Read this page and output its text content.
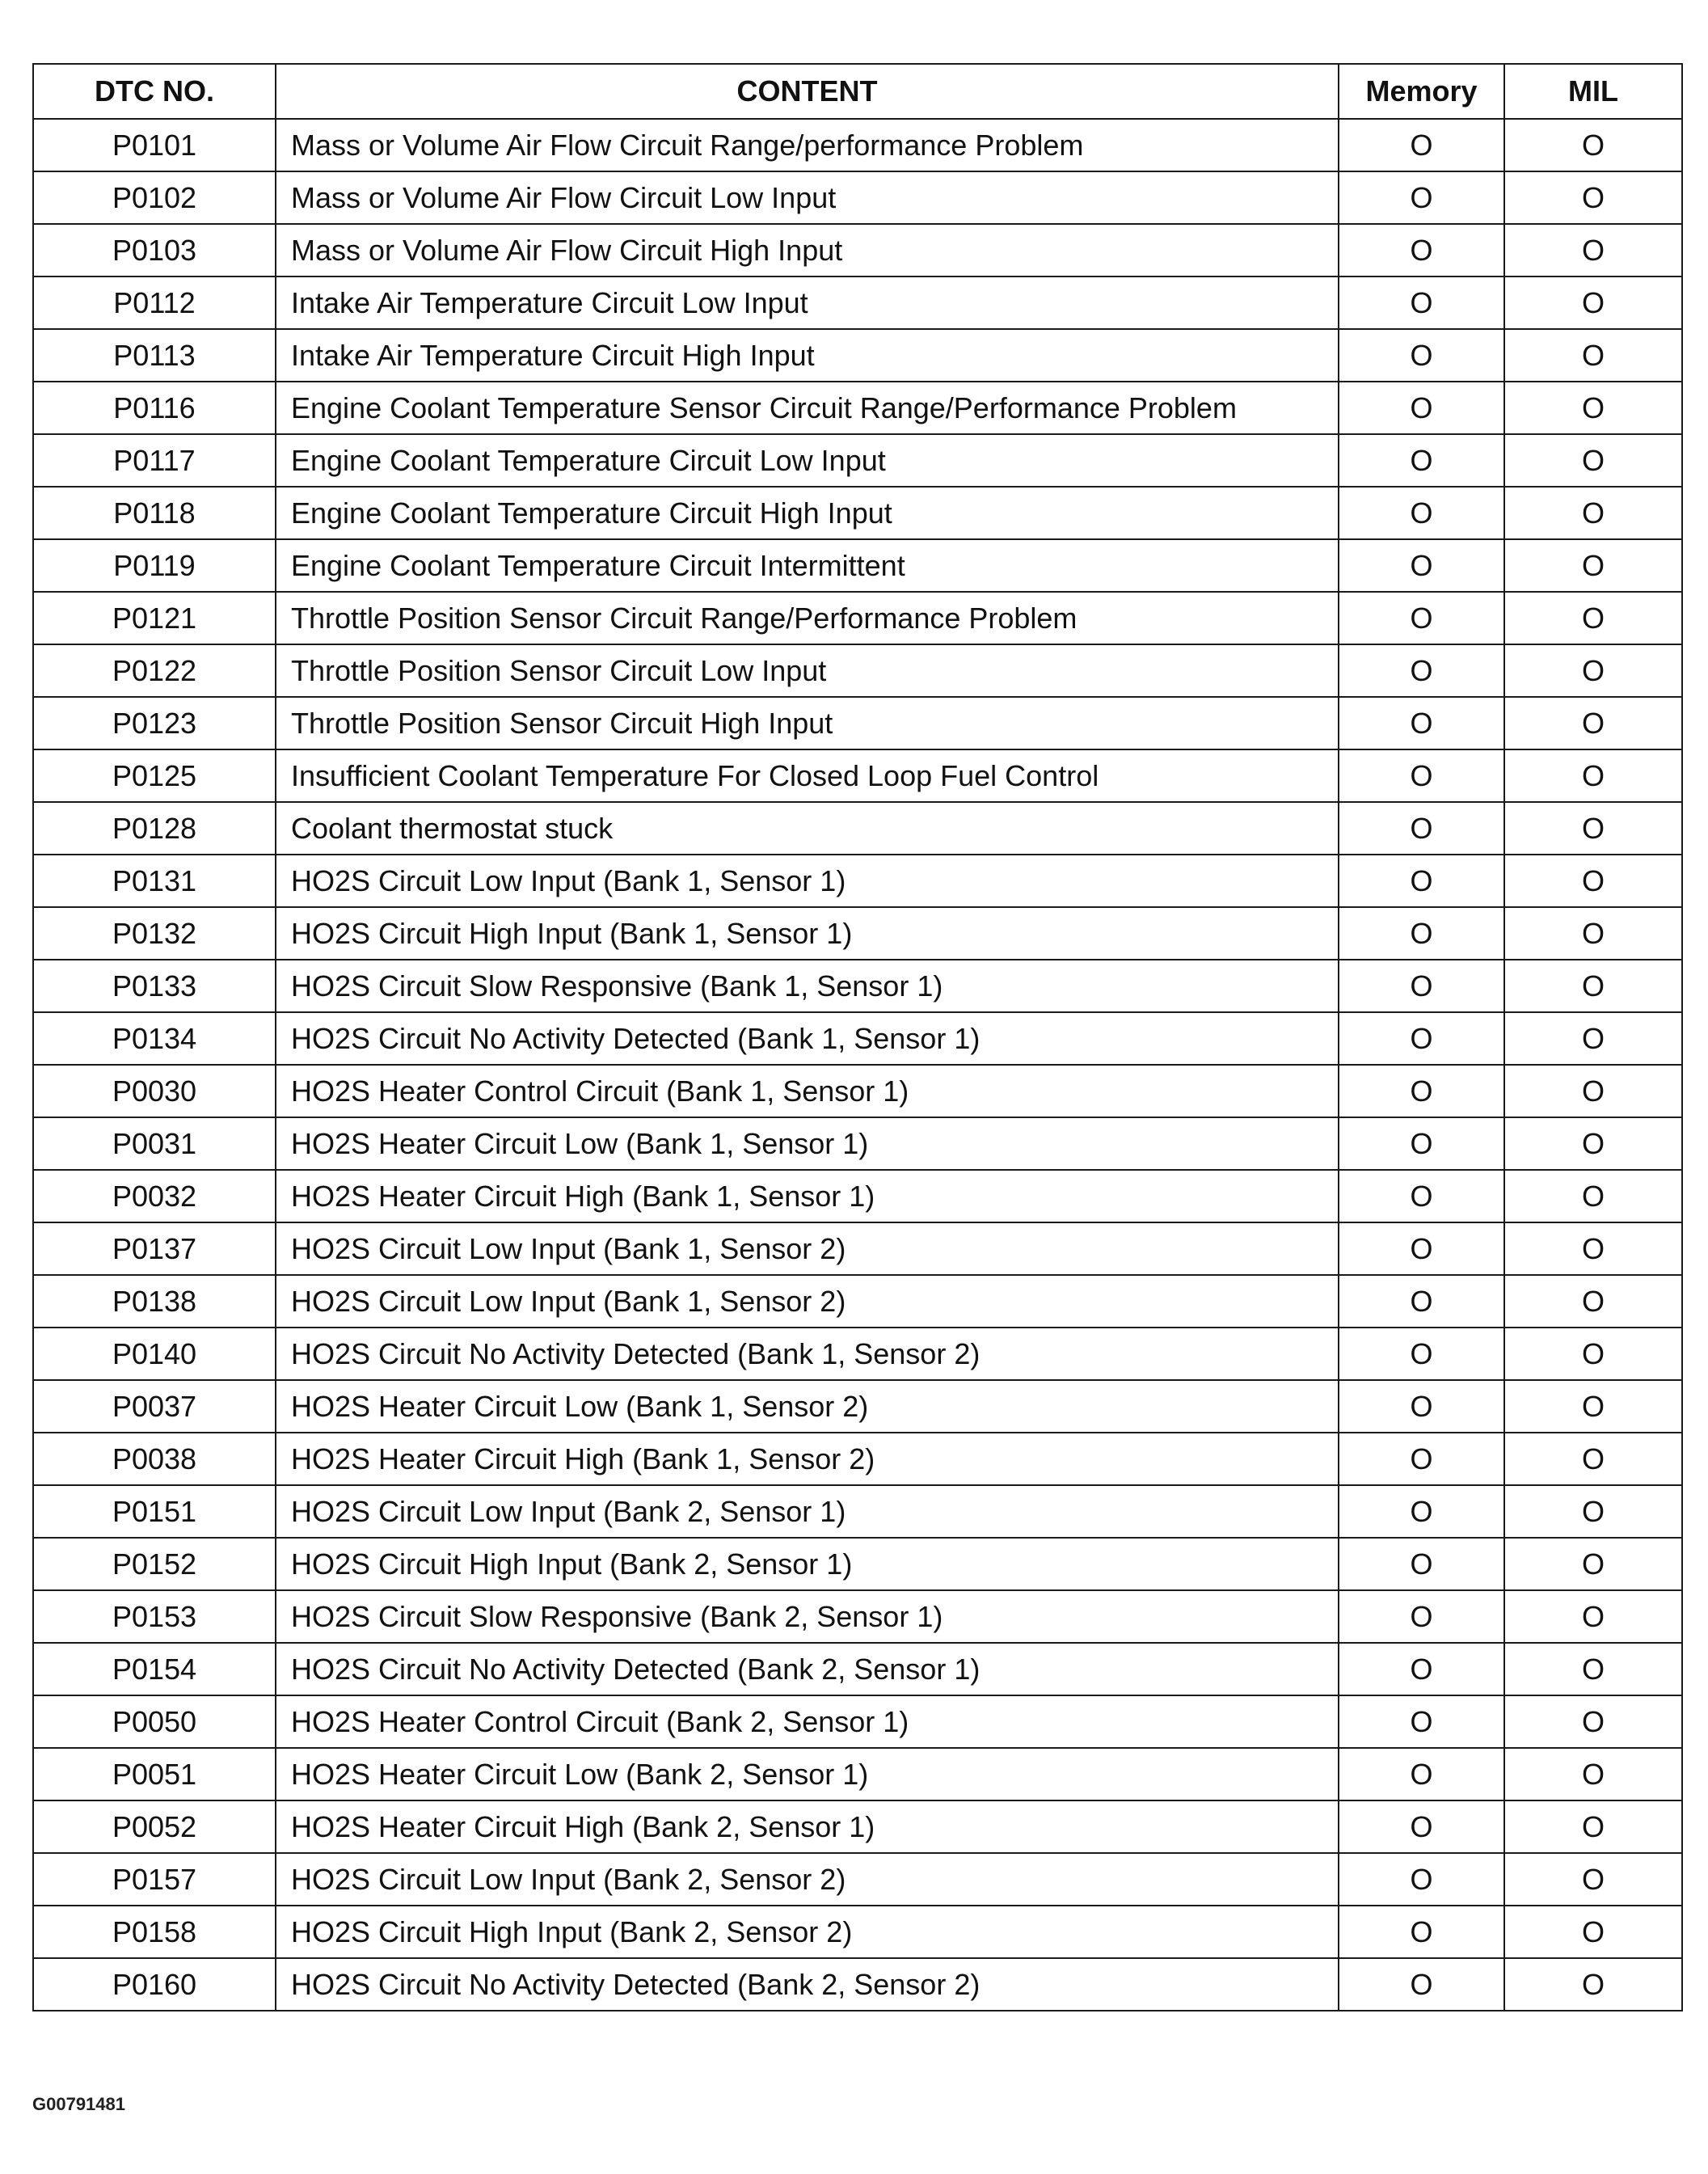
DTC NO.	CONTENT	Memory	MIL
P0101	Mass or Volume Air Flow Circuit Range/performance Problem	O	O
P0102	Mass or Volume Air Flow Circuit Low Input	O	O
P0103	Mass or Volume Air Flow Circuit High Input	O	O
P0112	Intake Air Temperature Circuit Low Input	O	O
P0113	Intake Air Temperature Circuit High Input	O	O
P0116	Engine Coolant Temperature Sensor Circuit Range/Performance Problem	O	O
P0117	Engine Coolant Temperature Circuit Low Input	O	O
P0118	Engine Coolant Temperature Circuit High Input	O	O
P0119	Engine Coolant Temperature Circuit Intermittent	O	O
P0121	Throttle Position Sensor Circuit Range/Performance Problem	O	O
P0122	Throttle Position Sensor Circuit Low Input	O	O
P0123	Throttle Position Sensor Circuit High Input	O	O
P0125	Insufficient Coolant Temperature For Closed Loop Fuel Control	O	O
P0128	Coolant thermostat stuck	O	O
P0131	HO2S Circuit Low Input (Bank 1, Sensor 1)	O	O
P0132	HO2S Circuit High Input (Bank 1, Sensor 1)	O	O
P0133	HO2S Circuit Slow Responsive (Bank 1, Sensor 1)	O	O
P0134	HO2S Circuit No Activity Detected (Bank 1, Sensor 1)	O	O
P0030	HO2S Heater Control Circuit (Bank 1, Sensor 1)	O	O
P0031	HO2S Heater Circuit Low (Bank 1, Sensor 1)	O	O
P0032	HO2S Heater Circuit High (Bank 1, Sensor 1)	O	O
P0137	HO2S Circuit Low Input (Bank 1, Sensor 2)	O	O
P0138	HO2S Circuit Low Input (Bank 1, Sensor 2)	O	O
P0140	HO2S Circuit No Activity Detected (Bank 1, Sensor 2)	O	O
P0037	HO2S Heater Circuit Low (Bank 1, Sensor 2)	O	O
P0038	HO2S Heater Circuit High (Bank 1, Sensor 2)	O	O
P0151	HO2S Circuit Low Input (Bank 2, Sensor 1)	O	O
P0152	HO2S Circuit High Input (Bank 2, Sensor 1)	O	O
P0153	HO2S Circuit Slow Responsive (Bank 2, Sensor 1)	O	O
P0154	HO2S Circuit No Activity Detected (Bank 2, Sensor 1)	O	O
P0050	HO2S Heater Control Circuit (Bank 2, Sensor 1)	O	O
P0051	HO2S Heater Circuit Low (Bank 2, Sensor 1)	O	O
P0052	HO2S Heater Circuit High (Bank 2, Sensor 1)	O	O
P0157	HO2S Circuit Low Input (Bank 2, Sensor 2)	O	O
P0158	HO2S Circuit High Input (Bank 2, Sensor 2)	O	O
P0160	HO2S Circuit No Activity Detected (Bank 2, Sensor 2)	O	O
G00791481
